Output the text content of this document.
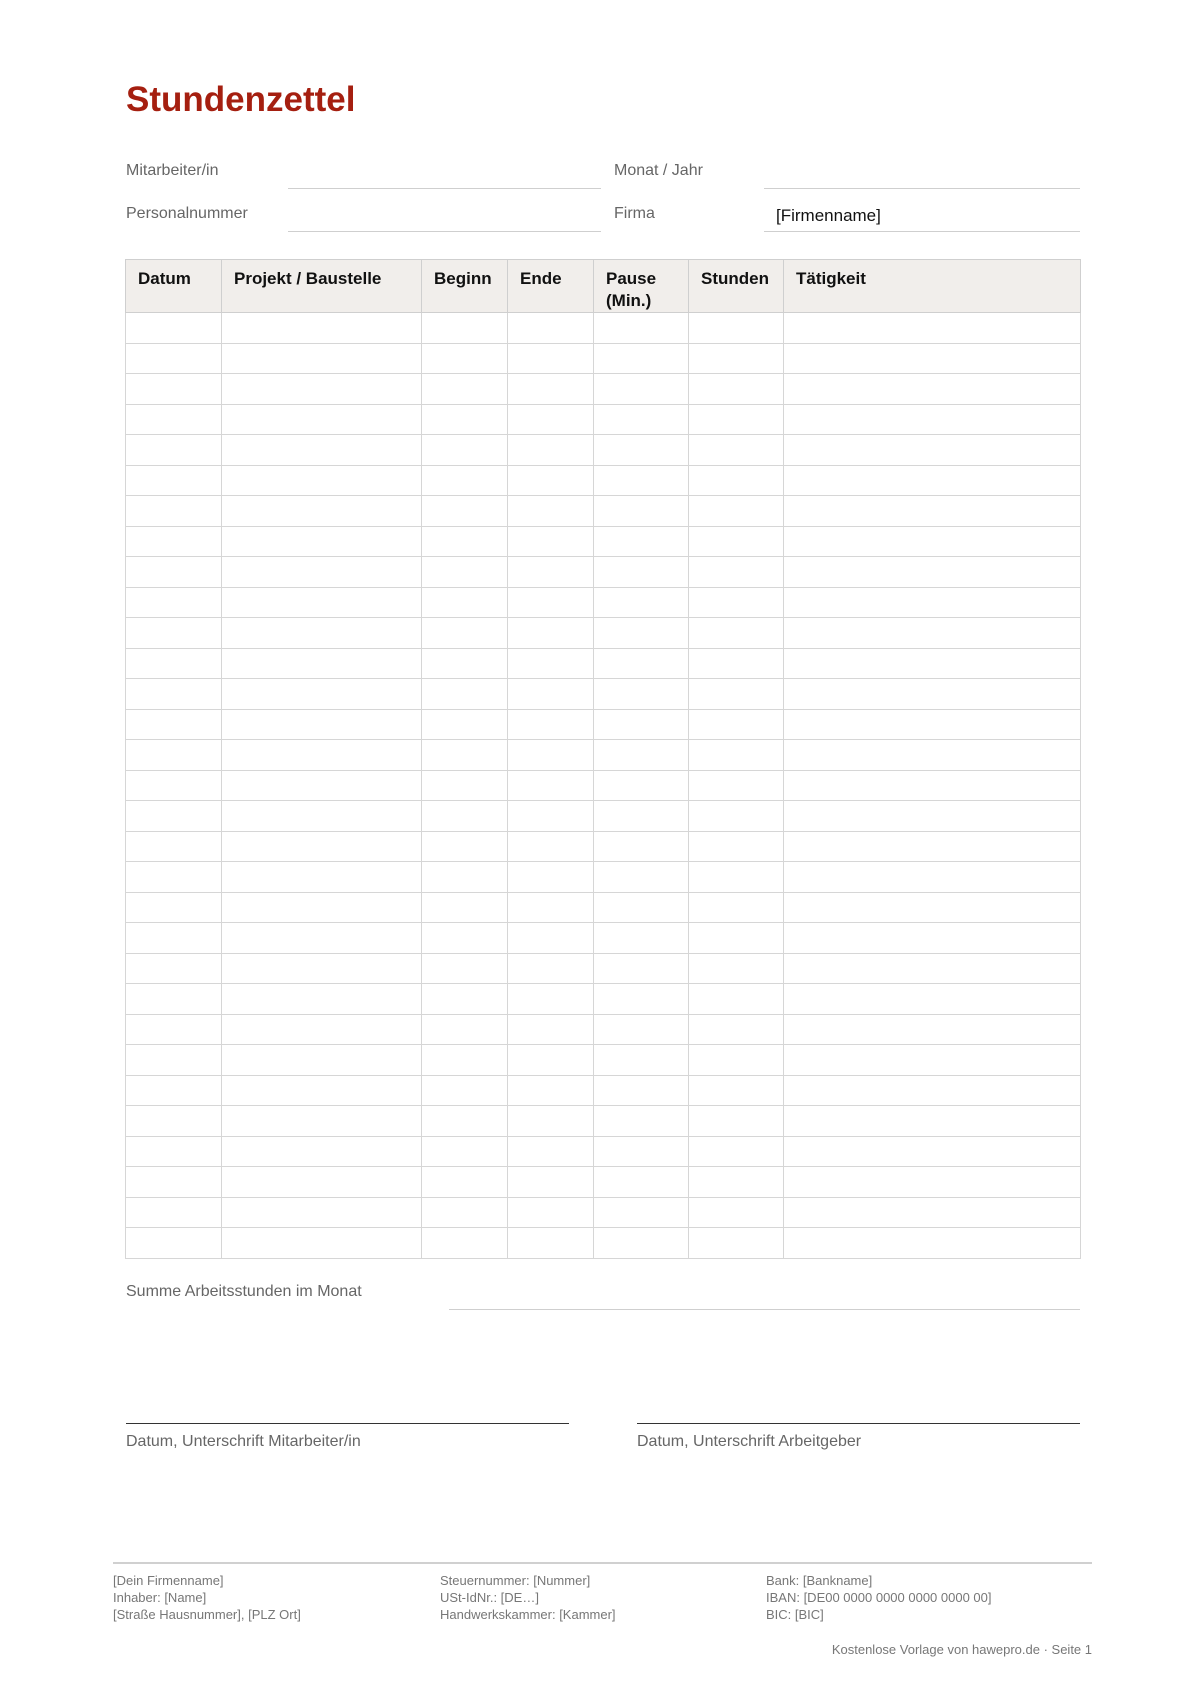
Stundenzettel
Mitarbeiter/in	Monat / Jahr
Personalnummer	Firma	[Firmenname]
Datum	Projekt / Baustelle	Beginn	Ende	Pause (Min.)	Stunden	Tätigkeit

Summe Arbeitsstunden im Monat
Datum, Unterschrift Mitarbeiter/in	Datum, Unterschrift Arbeitgeber
[Dein Firmenname]
Inhaber: [Name]
[Straße Hausnummer], [PLZ Ort]
Steuernummer: [Nummer]
USt-IdNr.: [DE…]
Handwerkskammer: [Kammer]
Bank: [Bankname]
IBAN: [DE00 0000 0000 0000 0000 00]
BIC: [BIC]
Kostenlose Vorlage von hawepro.de · Seite 1
